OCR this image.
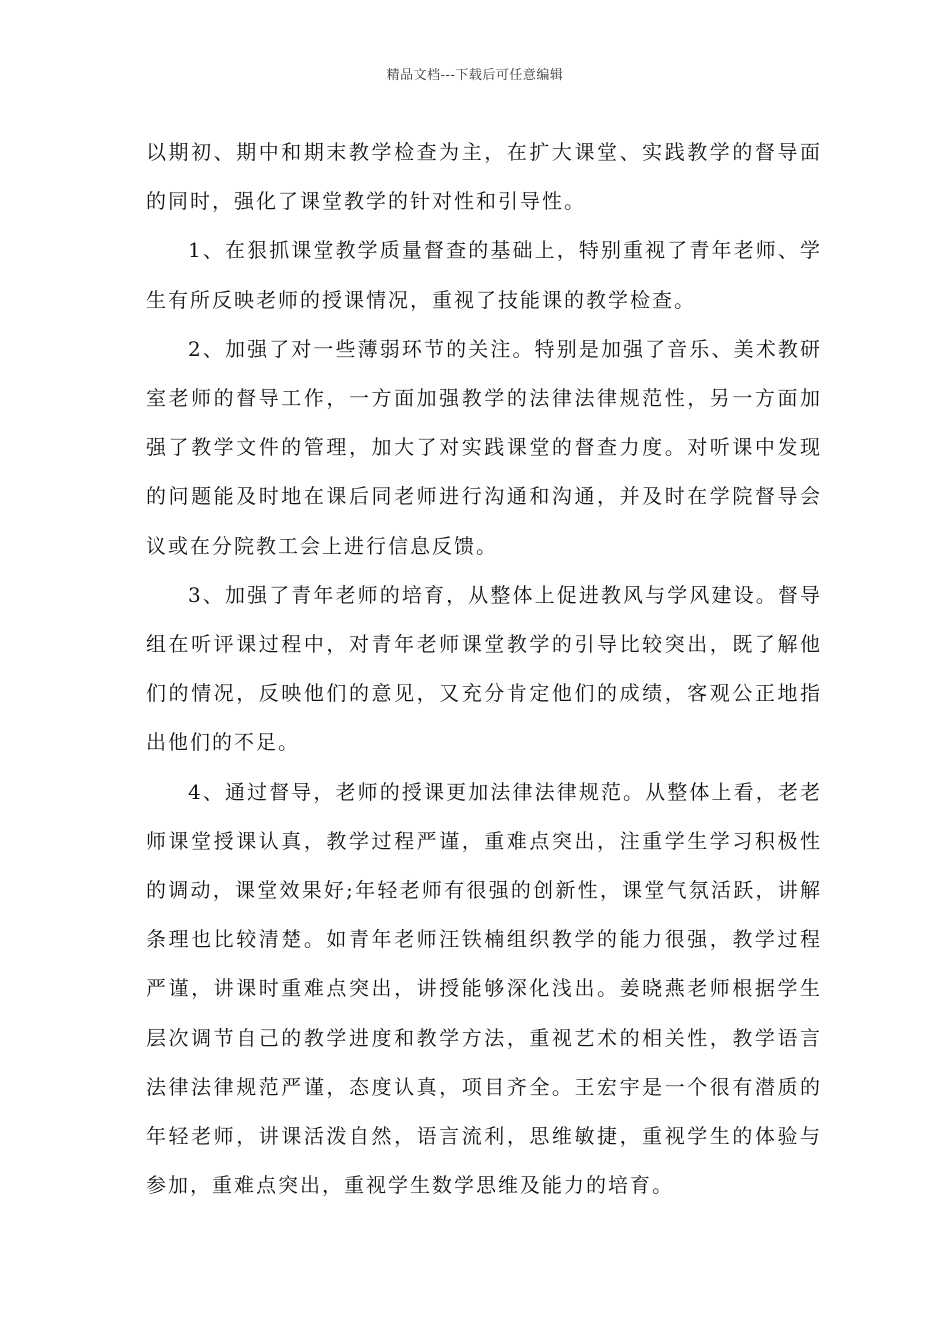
精品文档---下载后可任意编辑

以期初、期中和期末教学检查为主，在扩大课堂、实践教学的督导面的同时，强化了课堂教学的针对性和引导性。

1、在狠抓课堂教学质量督查的基础上，特别重视了青年老师、学生有所反映老师的授课情况，重视了技能课的教学检查。

2、加强了对一些薄弱环节的关注。特别是加强了音乐、美术教研室老师的督导工作，一方面加强教学的法律法律规范性，另一方面加强了教学文件的管理，加大了对实践课堂的督查力度。对听课中发现的问题能及时地在课后同老师进行沟通和沟通，并及时在学院督导会议或在分院教工会上进行信息反馈。

3、加强了青年老师的培育，从整体上促进教风与学风建设。督导组在听评课过程中，对青年老师课堂教学的引导比较突出，既了解他们的情况，反映他们的意见，又充分肯定他们的成绩，客观公正地指出他们的不足。

4、通过督导，老师的授课更加法律法律规范。从整体上看，老老师课堂授课认真，教学过程严谨，重难点突出，注重学生学习积极性的调动，课堂效果好;年轻老师有很强的创新性，课堂气氛活跃，讲解条理也比较清楚。如青年老师汪铁楠组织教学的能力很强，教学过程严谨，讲课时重难点突出，讲授能够深化浅出。姜晓燕老师根据学生层次调节自己的教学进度和教学方法，重视艺术的相关性，教学语言法律法律规范严谨，态度认真，项目齐全。王宏宇是一个很有潜质的年轻老师，讲课活泼自然，语言流利，思维敏捷，重视学生的体验与参加，重难点突出，重视学生数学思维及能力的培育。
